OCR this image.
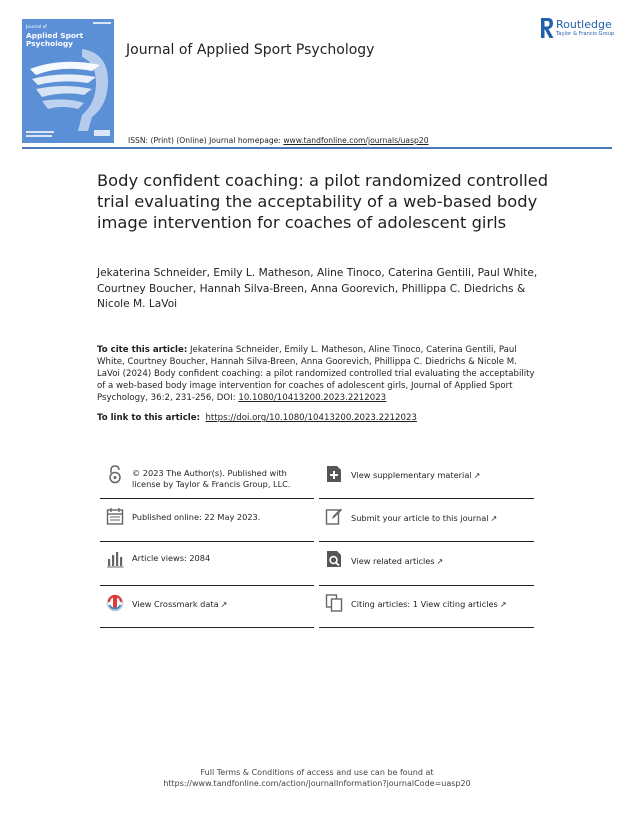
Journal of
Applied Sport Psychology	Journal of Applied Sport Psychology
Routledge
Taylor & Francis Group
ISSN: (Print) (Online) Journal homepage: www.tandfonline.com/journals/uasp20
Body confident coaching: a pilot randomized controlled trial evaluating the acceptability of a web-based body image intervention for coaches of adolescent girls
Jekaterina Schneider, Emily L. Matheson, Aline Tinoco, Caterina Gentili, Paul White, Courtney Boucher, Hannah Silva-Breen, Anna Goorevich, Phillippa C. Diedrichs & Nicole M. LaVoi
To cite this article: Jekaterina Schneider, Emily L. Matheson, Aline Tinoco, Caterina Gentili, Paul White, Courtney Boucher, Hannah Silva-Breen, Anna Goorevich, Phillippa C. Diedrichs & Nicole M. LaVoi (2024) Body confident coaching: a pilot randomized controlled trial evaluating the acceptability of a web-based body image intervention for coaches of adolescent girls, Journal of Applied Sport Psychology, 36:2, 231-256, DOI: 10.1080/10413200.2023.2212023
To link to this article: https://doi.org/10.1080/10413200.2023.2212023
© 2023 The Author(s). Published with license by Taylor & Francis Group, LLC.
Published online: 22 May 2023.
Article views: 2084
View Crossmark data ↗
View supplementary material ↗
Submit your article to this journal ↗
View related articles ↗
Citing articles: 1 View citing articles ↗
Full Terms & Conditions of access and use can be found at
https://www.tandfonline.com/action/journalInformation?journalCode=uasp20
